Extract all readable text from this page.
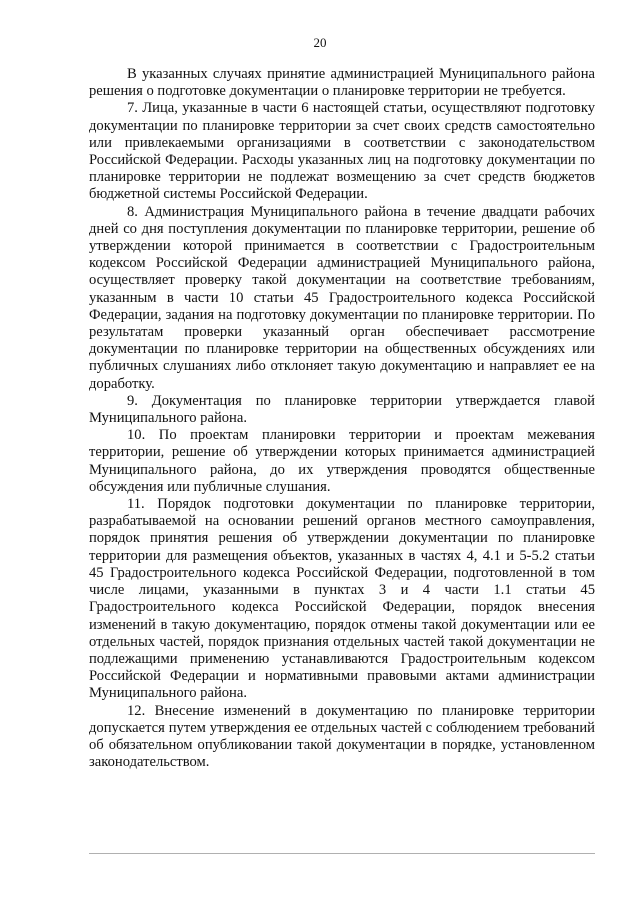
20

В указанных случаях принятие администрацией Муниципального района решения о подготовке документации о планировке территории не требуется.

7. Лица, указанные в части 6 настоящей статьи, осуществляют подготовку документации по планировке территории за счет своих средств самостоятельно или привлекаемыми организациями в соответствии с законодательством Российской Федерации. Расходы указанных лиц на подготовку документации по планировке территории не подлежат возмещению за счет средств бюджетов бюджетной системы Российской Федерации.

8. Администрация Муниципального района в течение двадцати рабочих дней со дня поступления документации по планировке территории, решение об утверждении которой принимается в соответствии с Градостроительным кодексом Российской Федерации администрацией Муниципального района, осуществляет проверку такой документации на соответствие требованиям, указанным в части 10 статьи 45 Градостроительного кодекса Российской Федерации, задания на подготовку документации по планировке территории. По результатам проверки указанный орган обеспечивает рассмотрение документации по планировке территории на общественных обсуждениях или публичных слушаниях либо отклоняет такую документацию и направляет ее на доработку.

9. Документация по планировке территории утверждается главой Муниципального района.

10. По проектам планировки территории и проектам межевания территории, решение об утверждении которых принимается администрацией Муниципального района, до их утверждения проводятся общественные обсуждения или публичные слушания.

11. Порядок подготовки документации по планировке территории, разрабатываемой на основании решений органов местного самоуправления, порядок принятия решения об утверждении документации по планировке территории для размещения объектов, указанных в частях 4, 4.1 и 5-5.2 статьи 45 Градостроительного кодекса Российской Федерации, подготовленной в том числе лицами, указанными в пунктах 3 и 4 части 1.1 статьи 45 Градостроительного кодекса Российской Федерации, порядок внесения изменений в такую документацию, порядок отмены такой документации или ее отдельных частей, порядок признания отдельных частей такой документации не подлежащими применению устанавливаются Градостроительным кодексом Российской Федерации и нормативными правовыми актами администрации Муниципального района.

12. Внесение изменений в документацию по планировке территории допускается путем утверждения ее отдельных частей с соблюдением требований об обязательном опубликовании такой документации в порядке, установленном законодательством.
